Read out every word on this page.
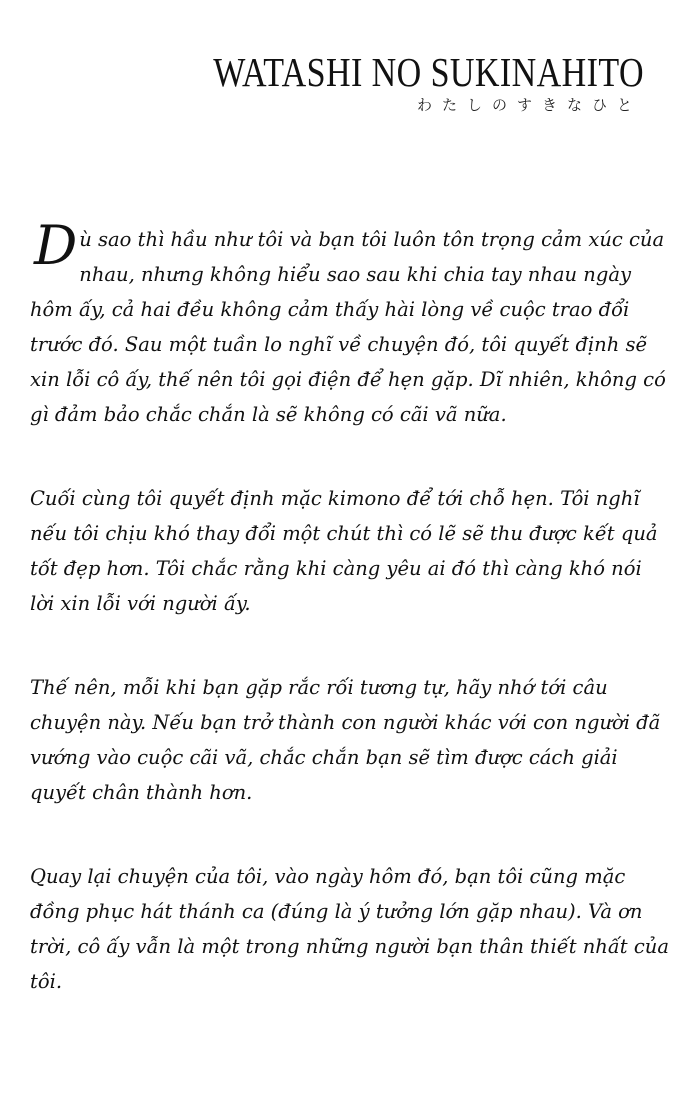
WATASHI NO SUKINAHITO
わたしのすきなひと

Dù sao thì hầu như tôi và bạn tôi luôn tôn trọng cảm xúc của nhau, nhưng không hiểu sao sau khi chia tay nhau ngày hôm ấy, cả hai đều không cảm thấy hài lòng về cuộc trao đổi trước đó. Sau một tuần lo nghĩ về chuyện đó, tôi quyết định sẽ xin lỗi cô ấy, thế nên tôi gọi điện để hẹn gặp. Dĩ nhiên, không có gì đảm bảo chắc chắn là sẽ không có cãi vã nữa.

Cuối cùng tôi quyết định mặc kimono để tới chỗ hẹn. Tôi nghĩ nếu tôi chịu khó thay đổi một chút thì có lẽ sẽ thu được kết quả tốt đẹp hơn. Tôi chắc rằng khi càng yêu ai đó thì càng khó nói lời xin lỗi với người ấy.

Thế nên, mỗi khi bạn gặp rắc rối tương tự, hãy nhớ tới câu chuyện này. Nếu bạn trở thành con người khác với con người đã vướng vào cuộc cãi vã, chắc chắn bạn sẽ tìm được cách giải quyết chân thành hơn.

Quay lại chuyện của tôi, vào ngày hôm đó, bạn tôi cũng mặc đồng phục hát thánh ca (đúng là ý tưởng lớn gặp nhau). Và ơn trời, cô ấy vẫn là một trong những người bạn thân thiết nhất của tôi.
